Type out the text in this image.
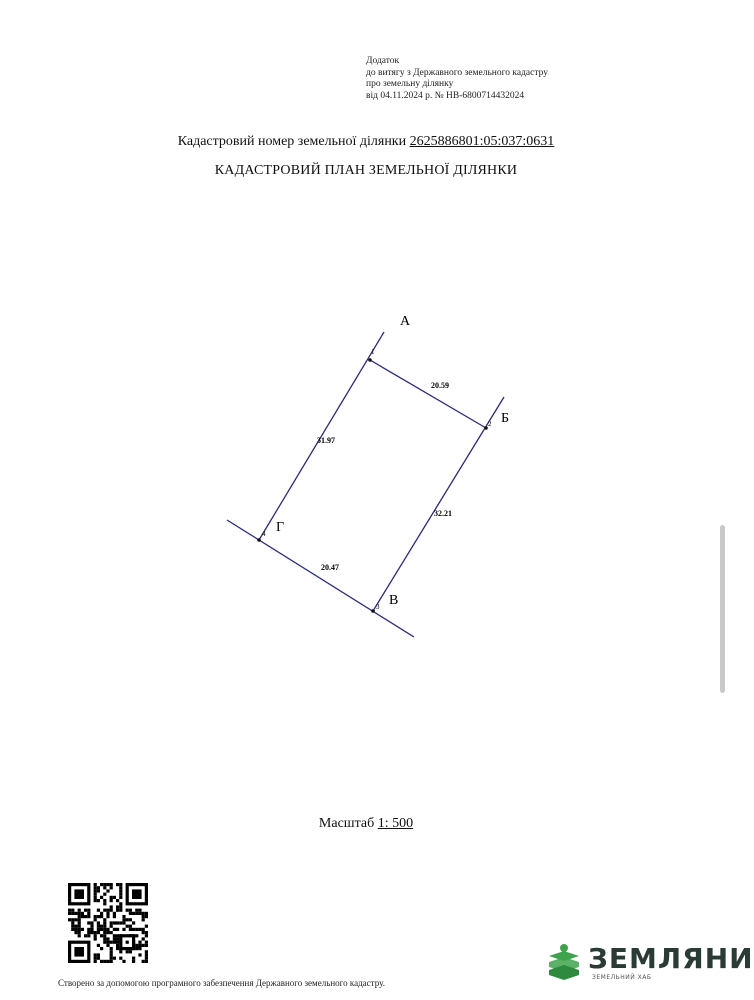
Додаток
до витягу з Державного земельного кадастру
про земельну ділянку
від 04.11.2024 р. № НВ-6800714432024
Кадастровий номер земельної ділянки 2625886801:05:037:0631
КАДАСТРОВИЙ ПЛАН ЗЕМЕЛЬНОЇ ДІЛЯНКИ
А
Б
В
Г
1
2
3
4
20.59
32.21
20.47
31.97
Масштаб 1: 500
Створено за допомогою програмного забезпечення Державного земельного кадастру.
ЗЕМЛЯНИ
ЗЕМЕЛЬНИЙ ХАБ
